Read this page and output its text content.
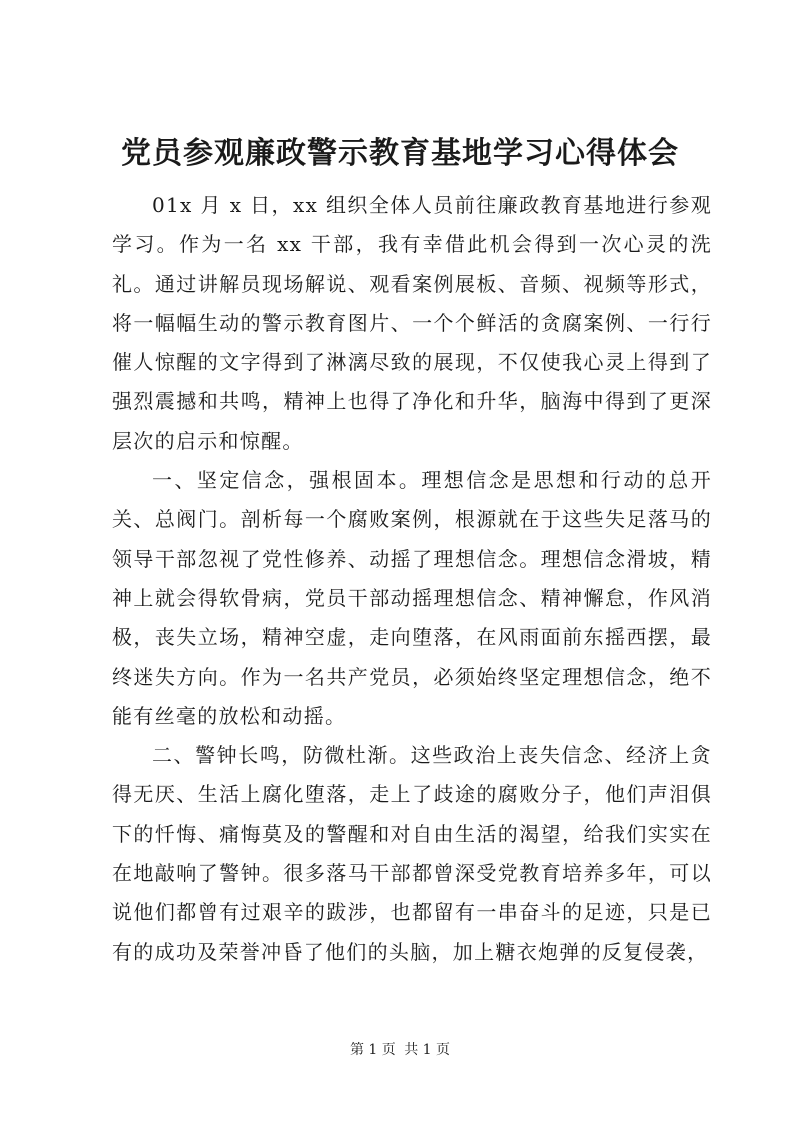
党员参观廉政警示教育基地学习心得体会

01x 月 x 日，xx 组织全体人员前往廉政教育基地进行参观学习。作为一名 xx 干部，我有幸借此机会得到一次心灵的洗礼。通过讲解员现场解说、观看案例展板、音频、视频等形式，将一幅幅生动的警示教育图片、一个个鲜活的贪腐案例、一行行催人惊醒的文字得到了淋漓尽致的展现，不仅使我心灵上得到了强烈震撼和共鸣，精神上也得了净化和升华，脑海中得到了更深层次的启示和惊醒。

一、坚定信念，强根固本。理想信念是思想和行动的总开关、总阀门。剖析每一个腐败案例，根源就在于这些失足落马的领导干部忽视了党性修养、动摇了理想信念。理想信念滑坡，精神上就会得软骨病，党员干部动摇理想信念、精神懈怠，作风消极，丧失立场，精神空虚，走向堕落，在风雨面前东摇西摆，最终迷失方向。作为一名共产党员，必须始终坚定理想信念，绝不能有丝毫的放松和动摇。

二、警钟长鸣，防微杜渐。这些政治上丧失信念、经济上贪得无厌、生活上腐化堕落，走上了歧途的腐败分子，他们声泪俱下的忏悔、痛悔莫及的警醒和对自由生活的渴望，给我们实实在在地敲响了警钟。很多落马干部都曾深受党教育培养多年，可以说他们都曾有过艰辛的跋涉，也都留有一串奋斗的足迹，只是已有的成功及荣誉冲昏了他们的头脑，加上糖衣炮弹的反复侵袭，

第 1 页 共 1 页
